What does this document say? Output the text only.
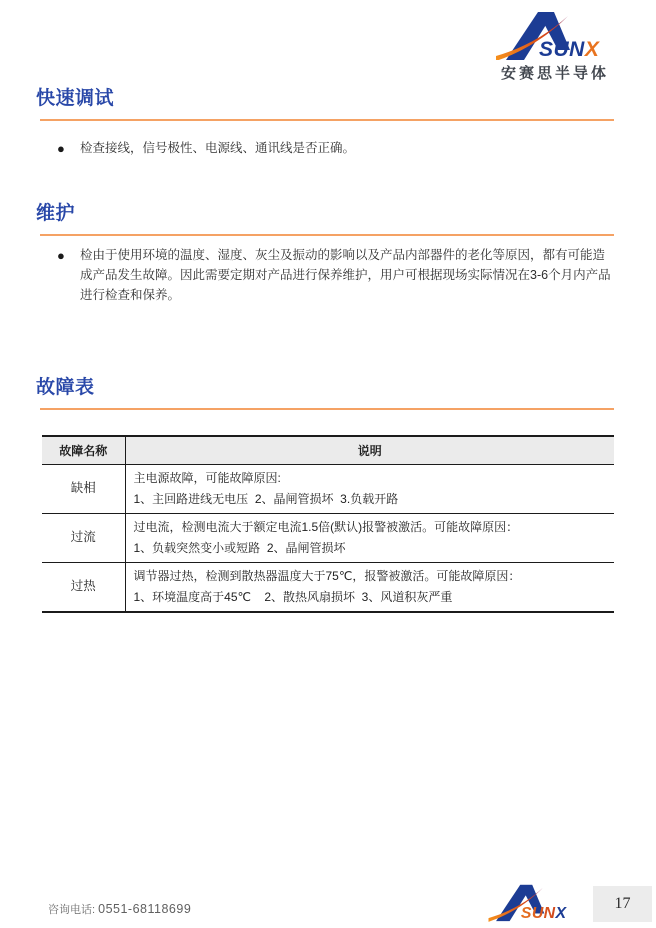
SUNX
安赛思半导体
快速调试
● 检查接线，信号极性、电源线、通讯线是否正确。
维护
● 检由于使用环境的温度、湿度、灰尘及振动的影响以及产品内部器件的老化等原因，都有可能造成产品发生故障。因此需要定期对产品进行保养维护，用户可根据现场实际情况在3-6个月内产品进行检查和保养。
故障表
故障名称	说明
缺相	主电源故障，可能故障原因:
1、主回路进线无电压  2、晶闸管损坏  3.负载开路

过流	过电流，检测电流大于额定电流1.5倍(默认)报警被激活。可能故障原因：
1、负载突然变小或短路  2、晶闸管损坏

过热	调节器过热，检测到散热器温度大于75℃，报警被激活。可能故障原因：
1、环境温度高于45℃    2、散热风扇损坏  3、风道积灰严重
咨询电话: 0551-68118699	SUNX
17
